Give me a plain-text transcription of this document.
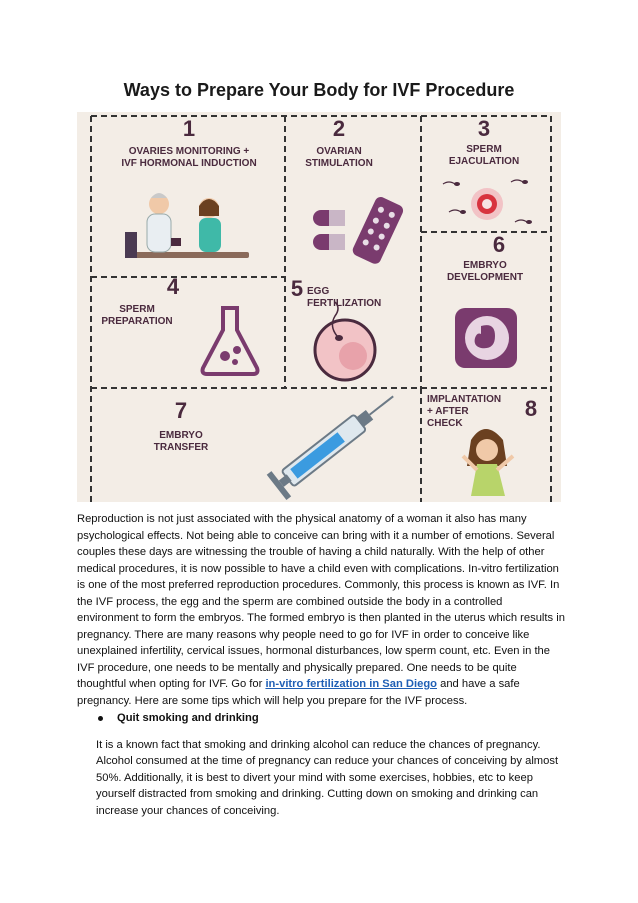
Ways to Prepare Your Body for IVF Procedure
1
OVARIES MONITORING +
IVF HORMONAL INDUCTION
2
OVARIAN
STIMULATION
3
SPERM
EJACULATION
6
EMBRYO
DEVELOPMENT
4
SPERM
PREPARATION
5 EGG
FERTILIZATION
7
EMBRYO
TRANSFER
IMPLANTATION
+ AFTER
CHECK
8

Reproduction is not just associated with the physical anatomy of a woman it also has many psychological effects. Not being able to conceive can bring with it a number of emotions. Several couples these days are witnessing the trouble of having a child naturally. With the help of other medical procedures, it is now possible to have a child even with complications. In-vitro fertilization is one of the most preferred reproduction procedures. Commonly, this process is known as IVF. In the IVF process, the egg and the sperm are combined outside the body in a controlled environment to form the embryos. The formed embryo is then planted in the uterus which results in pregnancy. There are many reasons why people need to go for IVF in order to conceive like unexplained infertility, cervical issues, hormonal disturbances, low sperm count, etc. Even in the IVF procedure, one needs to be mentally and physically prepared. One needs to be quite thoughtful when opting for IVF. Go for in-vitro fertilization in San Diego and have a safe pregnancy. Here are some tips which will help you prepare for the IVF process.

Quit smoking and drinking
It is a known fact that smoking and drinking alcohol can reduce the chances of pregnancy. Alcohol consumed at the time of pregnancy can reduce your chances of conceiving by almost 50%. Additionally, it is best to divert your mind with some exercises, hobbies, etc to keep yourself distracted from smoking and drinking. Cutting down on smoking and drinking can increase your chances of conceiving.
